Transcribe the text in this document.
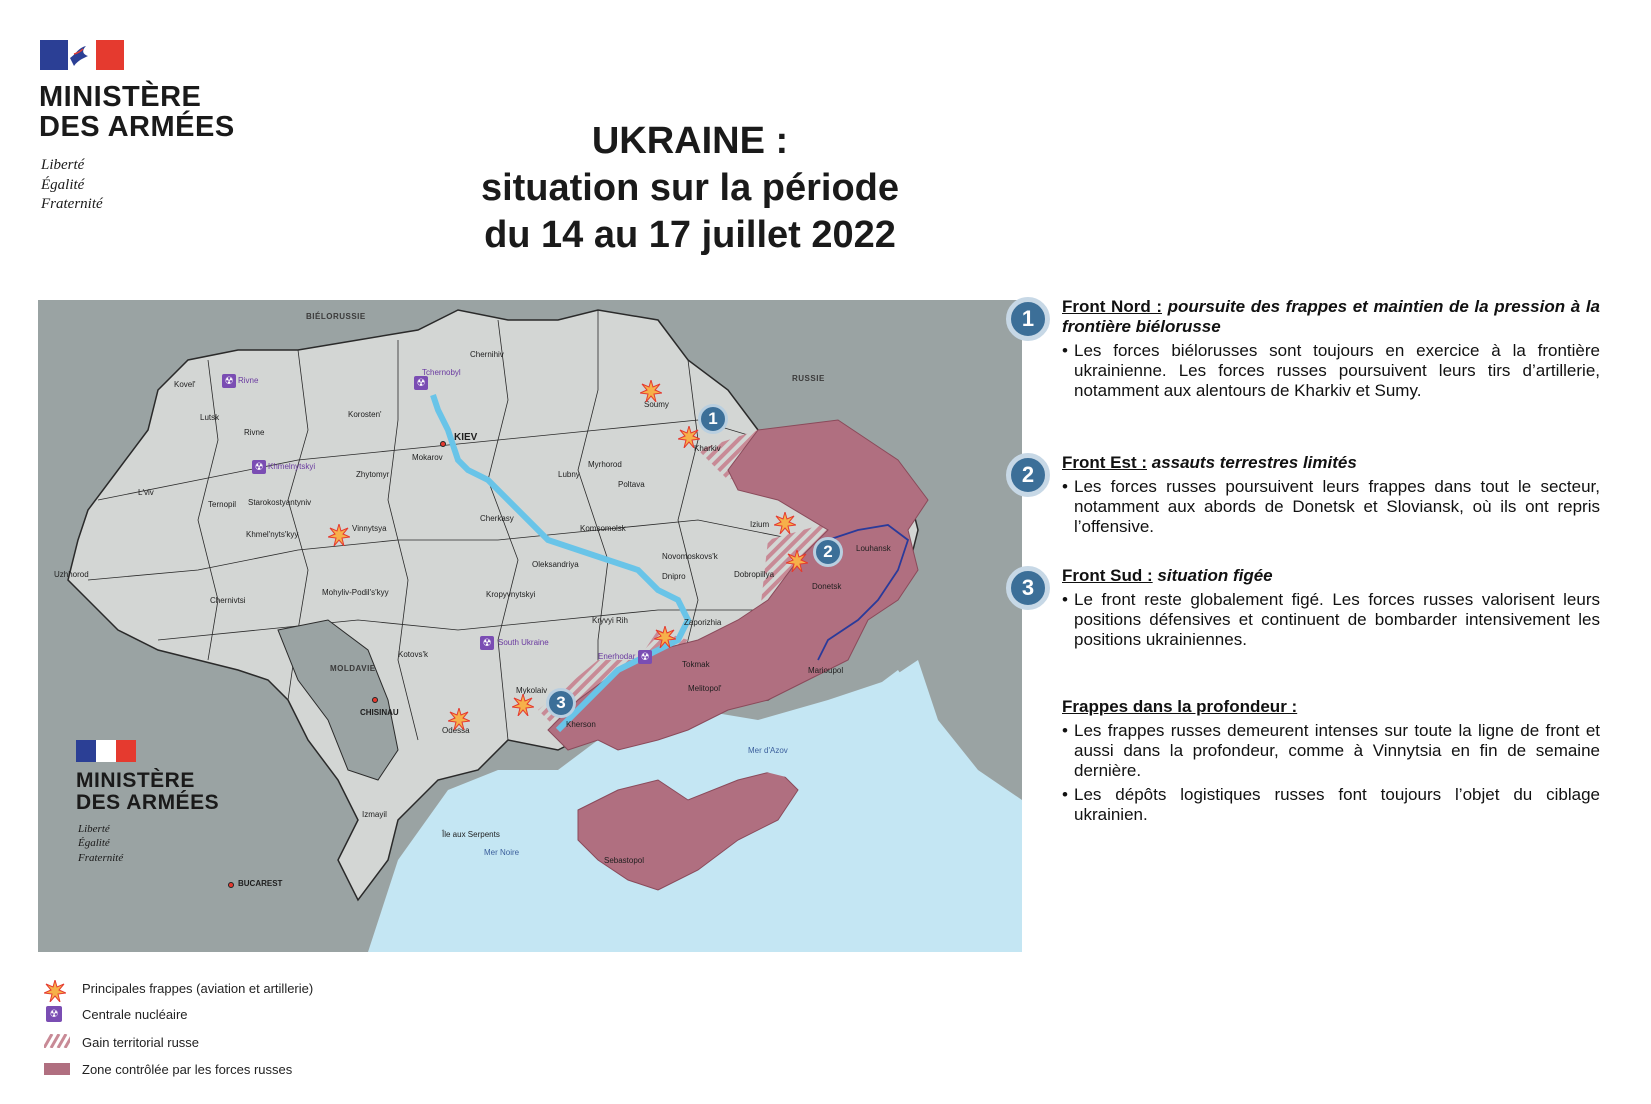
MINISTÈRE
DES ARMÉES
Liberté
Égalité
Fraternité
UKRAINE :
situation sur la période
du 14 au 17 juillet 2022
BIÉLORUSSIE
RUSSIE
MOLDAVIE
KIEV
CHISINAU
BUCAREST
Chernihiv
Kovel'
Lutsk
Rivne
Korosten'
Soumy
Kharkiv
Mokarov
Zhytomyr
Myrhorod
Lubny
Poltava
L'viv
Ternopil Starokostyantyniv
Cherkasy
Vinnytsya
Khmel'nyts'kyy
Izium
Louhansk
Komsomolsk
Novomoskovs'k
Dobropillya
Donetsk
Uzhhorod
Chernivtsi
Mohyliv-Podil's'kyy
Oleksandriya
Dnipro
Kropyvnytskyi
Kryvyi Rih	Zaporizhia
Kotovs'k
Tokmak
Marioupol
Mykolaiv
Kherson
Melitopol'
Odessa
Izmayil
Sebastopol
☢ Rivne	☢
Tchernobyl
☢ Khmelnytskyi
☢ South Ukraine
☢
Enerhodar
Mer d'Azov
Mer Noire
Île aux Serpents
1
2
3
MINISTÈRE
DES ARMÉES
Liberté
Égalité
Fraternité
Principales frappes (aviation et artillerie)
☢ Centrale nucléaire
Gain territorial russe
Zone contrôlée par les forces russes
1	Front Nord : poursuite des frappes et maintien de la pression à la frontière biélorusse
• Les forces biélorusses sont toujours en exercice à la frontière ukrainienne. Les forces russes poursuivent leurs tirs d’artillerie, notamment aux alentours de Kharkiv et Sumy.
2	Front Est : assauts terrestres limités
• Les forces russes poursuivent leurs frappes dans tout le secteur, notamment aux abords de Donetsk et Sloviansk, où ils ont repris l’offensive.
3	Front Sud : situation figée
• Le front reste globalement figé. Les forces russes valorisent leurs positions défensives et continuent de bombarder intensivement les positions ukrainiennes.
Frappes dans la profondeur :
• Les frappes russes demeurent intenses sur toute la ligne de front et aussi dans la profondeur, comme à Vinnytsia en fin de semaine dernière.
• Les dépôts logistiques russes font toujours l’objet du ciblage ukrainien.
